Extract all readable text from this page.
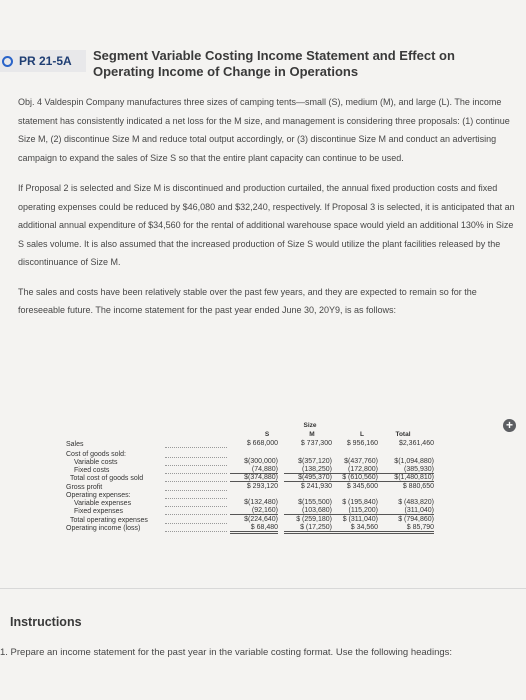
PR 21-5A Segment Variable Costing Income Statement and Effect on Operating Income of Change in Operations

Obj. 4 Valdespin Company manufactures three sizes of camping tents—small (S), medium (M), and large (L). The income statement has consistently indicated a net loss for the M size, and management is considering three proposals: (1) continue Size M, (2) discontinue Size M and reduce total output accordingly, or (3) discontinue Size M and conduct an advertising campaign to expand the sales of Size S so that the entire plant capacity can continue to be used.

If Proposal 2 is selected and Size M is discontinued and production curtailed, the annual fixed production costs and fixed operating expenses could be reduced by $46,080 and $32,240, respectively. If Proposal 3 is selected, it is anticipated that an additional annual expenditure of $34,560 for the rental of additional warehouse space would yield an additional 130% in Size S sales volume. It is also assumed that the increased production of Size S would utilize the plant facilities released by the discontinuance of Size M.

The sales and costs have been relatively stable over the past few years, and they are expected to remain so for the foreseeable future. The income statement for the past year ended June 30, 20Y9, is as follows:

+
Size
S	M	L	Total
Sales	$ 668,000	$ 737,300	$ 956,160	$2,361,460
Cost of goods sold:
Variable costs	$(300,000)	$(357,120)	$(437,760)	$(1,094,880)
Fixed costs	(74,880)	(138,250)	(172,800)	(385,930)
Total cost of goods sold	$(374,880)	$(495,370)	$ (610,560)	$(1,480,810)
Gross profit	$ 293,120	$ 241,930	$ 345,600	$ 880,650
Operating expenses:
Variable expenses	$(132,480)	$(155,500)	$ (195,840)	$ (483,820)
Fixed expenses	(92,160)	(103,680)	(115,200)	(311,040)
Total operating expenses	$(224,640)	$ (259,180)	$ (311,040)	$ (794,860)
Operating income (loss)	$ 68,480	$ (17,250)	$ 34,560	$ 85,790
Instructions
1. Prepare an income statement for the past year in the variable costing format. Use the following headings:
